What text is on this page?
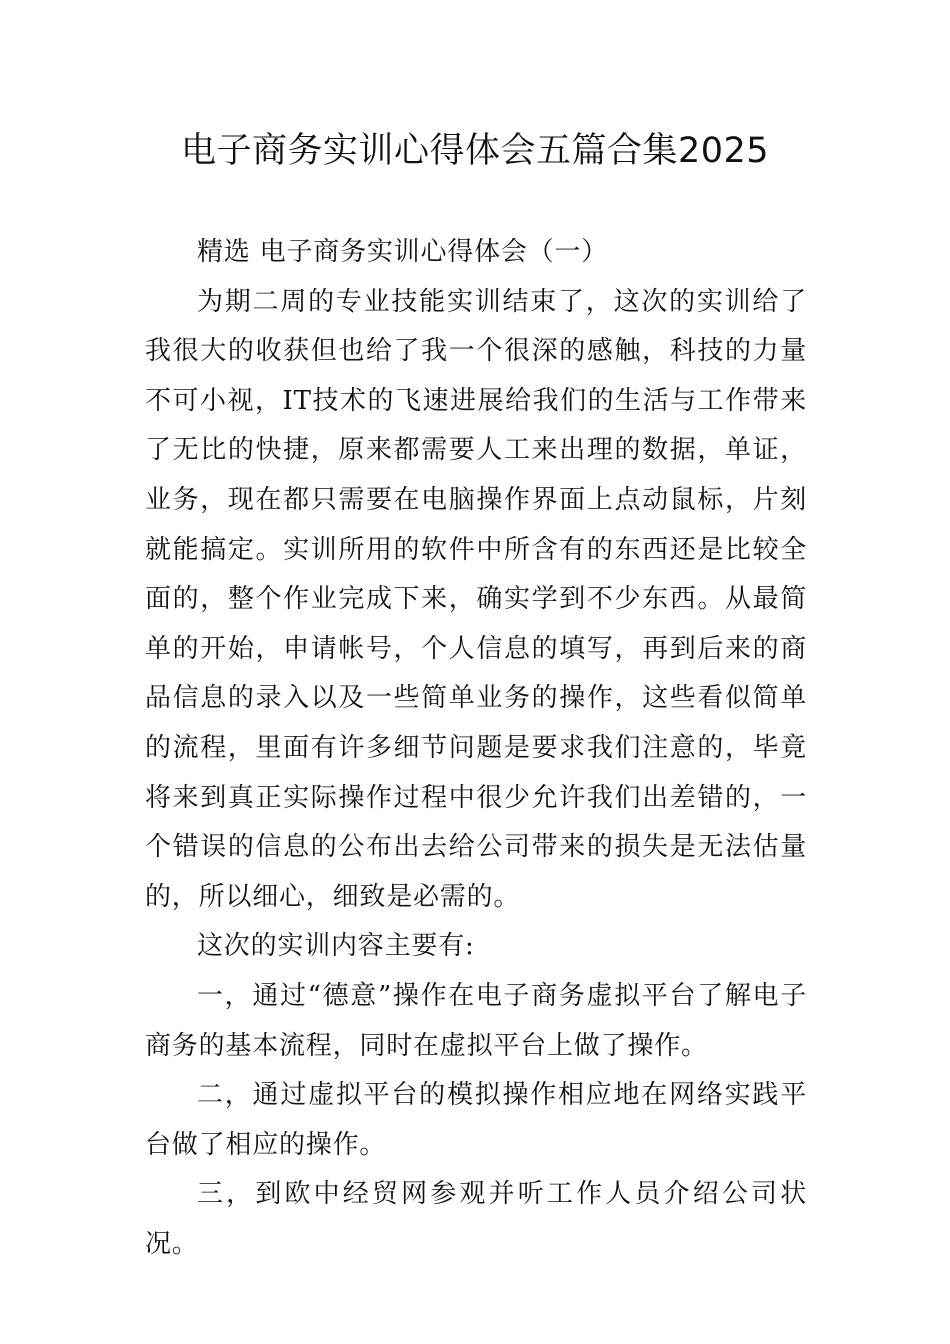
电子商务实训心得体会五篇合集2025

精选 电子商务实训心得体会（一）

为期二周的专业技能实训结束了，这次的实训给了我很大的收获但也给了我一个很深的感触，科技的力量不可小视，IT技术的飞速进展给我们的生活与工作带来了无比的快捷，原来都需要人工来出理的数据，单证，业务，现在都只需要在电脑操作界面上点动鼠标，片刻就能搞定。实训所用的软件中所含有的东西还是比较全面的，整个作业完成下来，确实学到不少东西。从最简单的开始，申请帐号，个人信息的填写，再到后来的商品信息的录入以及一些简单业务的操作，这些看似简单的流程，里面有许多细节问题是要求我们注意的，毕竟将来到真正实际操作过程中很少允许我们出差错的，一个错误的信息的公布出去给公司带来的损失是无法估量的，所以细心，细致是必需的。

这次的实训内容主要有:

一，通过“德意”操作在电子商务虚拟平台了解电子商务的基本流程，同时在虚拟平台上做了操作。

二，通过虚拟平台的模拟操作相应地在网络实践平台做了相应的操作。

三，到欧中经贸网参观并听工作人员介绍公司状况。
